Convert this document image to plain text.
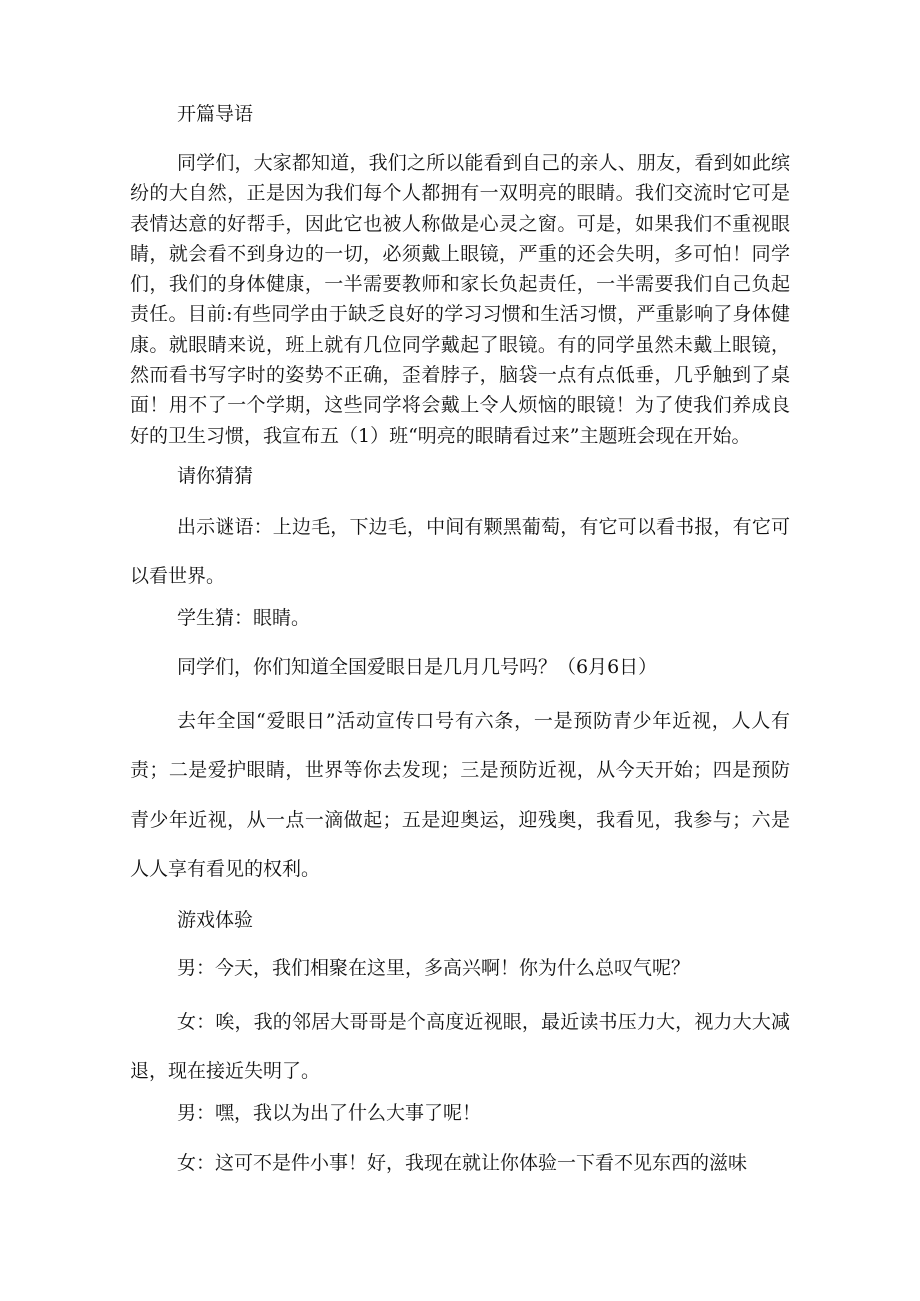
开篇导语

同学们，大家都知道，我们之所以能看到自己的亲人、朋友，看到如此缤纷的大自然，正是因为我们每个人都拥有一双明亮的眼睛。我们交流时它可是表情达意的好帮手，因此它也被人称做是心灵之窗。可是，如果我们不重视眼睛，就会看不到身边的一切，必须戴上眼镜，严重的还会失明，多可怕！同学们，我们的身体健康，一半需要教师和家长负起责任，一半需要我们自己负起责任。目前:有些同学由于缺乏良好的学习习惯和生活习惯，严重影响了身体健康。就眼睛来说，班上就有几位同学戴起了眼镜。有的同学虽然未戴上眼镜，然而看书写字时的姿势不正确，歪着脖子，脑袋一点有点低垂，几乎触到了桌面！用不了一个学期，这些同学将会戴上令人烦恼的眼镜！为了使我们养成良好的卫生习惯，我宣布五（1）班“明亮的眼睛看过来”主题班会现在开始。

请你猜猜

出示谜语：上边毛，下边毛，中间有颗黑葡萄，有它可以看书报，有它可以看世界。

学生猜：眼睛。

同学们，你们知道全国爱眼日是几月几号吗？（6月6日）

去年全国“爱眼日”活动宣传口号有六条，一是预防青少年近视，人人有责；二是爱护眼睛，世界等你去发现；三是预防近视，从今天开始；四是预防青少年近视，从一点一滴做起；五是迎奥运，迎残奥，我看见，我参与；六是人人享有看见的权利。

游戏体验

男：今天，我们相聚在这里，多高兴啊！你为什么总叹气呢？

女：唉，我的邻居大哥哥是个高度近视眼，最近读书压力大，视力大大减退，现在接近失明了。

男：嘿，我以为出了什么大事了呢！

女：这可不是件小事！好，我现在就让你体验一下看不见东西的滋味
